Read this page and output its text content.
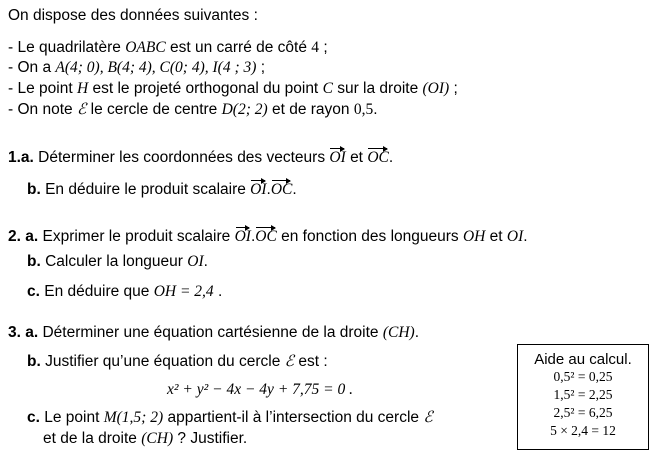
On dispose des données suivantes :
- Le quadrilatère OABC est un carré de côté 4 ;
- On a A(4; 0), B(4; 4), C(0; 4), I(4 ; 3) ;
- Le point H est le projeté orthogonal du point C sur la droite (OI) ;
- On note ℰ le cercle de centre D(2; 2) et de rayon 0,5.
1.a. Déterminer les coordonnées des vecteurs OI et OC.
b. En déduire le produit scalaire OI.OC.
2. a. Exprimer le produit scalaire OI.OC en fonction des longueurs OH et OI.
b. Calculer la longueur OI.
c. En déduire que OH = 2,4 .
3. a. Déterminer une équation cartésienne de la droite (CH).
b. Justifier qu’une équation du cercle ℰ est :
x² + y² − 4x − 4y + 7,75 = 0 .
c. Le point M(1,5; 2) appartient-il à l’intersection du cercle ℰ
et de la droite (CH) ? Justifier.
Aide au calcul.
0,5² = 0,25
1,5² = 2,25
2,5² = 6,25
5 × 2,4 = 12
